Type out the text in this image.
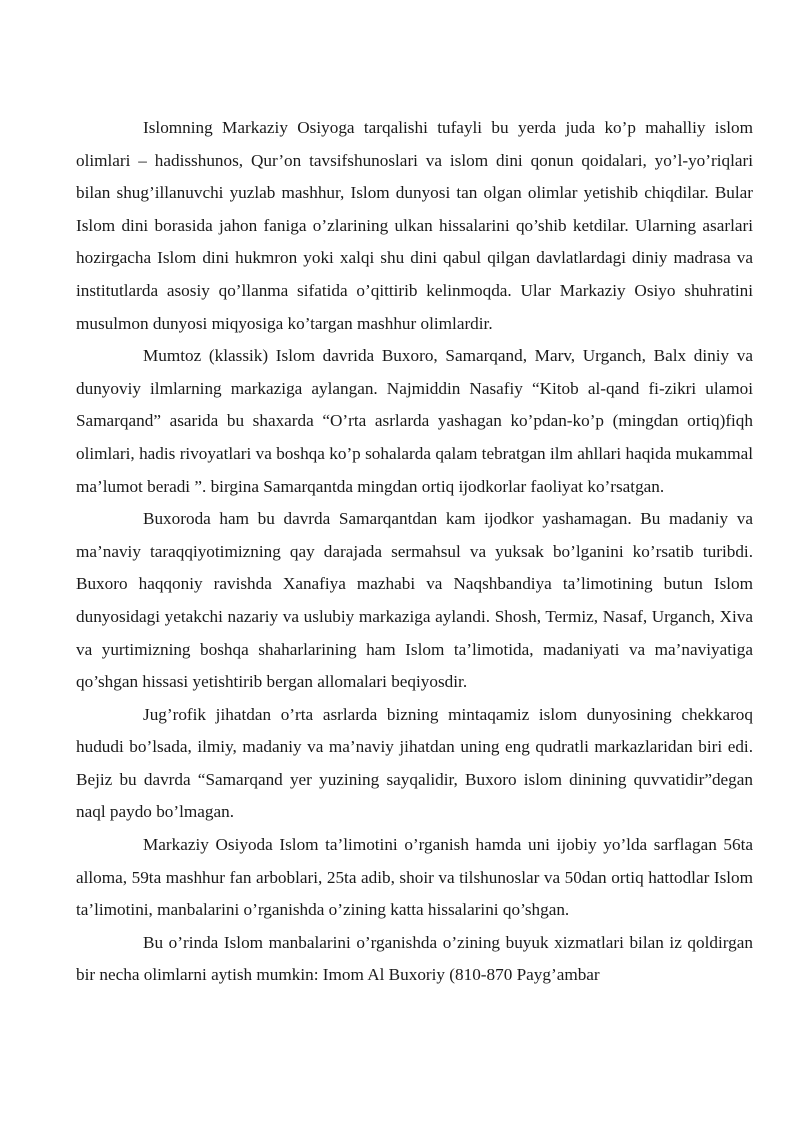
Islomning Markaziy Osiyoga tarqalishi tufayli bu yerda juda ko’p mahalliy islom olimlari – hadisshunos, Qur’on tavsifshunoslari va islom dini qonun qoidalari, yo’l-yo’riqlari bilan shug’illanuvchi yuzlab mashhur, Islom dunyosi tan olgan olimlar yetishib chiqdilar. Bular Islom dini borasida jahon faniga o’zlarining ulkan hissalarini qo’shib ketdilar. Ularning asarlari hozirgacha Islom dini hukmron yoki xalqi shu dini qabul qilgan davlatlardagi diniy madrasa va institutlarda asosiy qo’llanma sifatida o’qittirib kelinmoqda. Ular Markaziy Osiyo shuhratini musulmon dunyosi miqyosiga ko’targan mashhur olimlardir.

Mumtoz (klassik) Islom davrida Buxoro, Samarqand, Marv, Urganch, Balx diniy va dunyoviy ilmlarning markaziga aylangan. Najmiddin Nasafiy “Kitob al-qand fi-zikri ulamoi Samarqand” asarida bu shaxarda “O’rta asrlarda yashagan ko’pdan-ko’p (mingdan ortiq)fiqh olimlari, hadis rivoyatlari va boshqa ko’p sohalarda qalam tebratgan ilm ahllari haqida mukammal ma’lumot beradi ”. birgina Samarqantda mingdan ortiq ijodkorlar faoliyat ko’rsatgan.

Buxoroda ham bu davrda Samarqantdan kam ijodkor yashamagan. Bu madaniy va ma’naviy taraqqiyotimizning qay darajada sermahsul va yuksak bo’lganini ko’rsatib turibdi. Buxoro haqqoniy ravishda Xanafiya mazhabi va Naqshbandiya ta’limotining butun Islom dunyosidagi yetakchi nazariy va uslubiy markaziga aylandi. Shosh, Termiz, Nasaf, Urganch, Xiva va yurtimizning boshqa shaharlarining ham Islom ta’limotida, madaniyati va ma’naviyatiga qo’shgan hissasi yetishtirib bergan allomalari beqiyosdir.

Jug’rofik jihatdan o’rta asrlarda bizning mintaqamiz islom dunyosining chekkaroq hududi bo’lsada, ilmiy, madaniy va ma’naviy jihatdan uning eng qudratli markazlaridan biri edi. Bejiz bu davrda “Samarqand yer yuzining sayqalidir, Buxoro islom dinining quvvatidir”degan naql paydo bo’lmagan.

Markaziy Osiyoda Islom ta’limotini o’rganish hamda uni ijobiy yo’lda sarflagan 56ta alloma, 59ta mashhur fan arboblari, 25ta adib, shoir va tilshunoslar va 50dan ortiq hattodlar Islom ta’limotini, manbalarini o’rganishda o’zining katta hissalarini qo’shgan.

Bu o’rinda Islom manbalarini o’rganishda o’zining buyuk xizmatlari bilan iz qoldirgan bir necha olimlarni aytish mumkin: Imom Al Buxoriy (810-870 Payg’ambar
